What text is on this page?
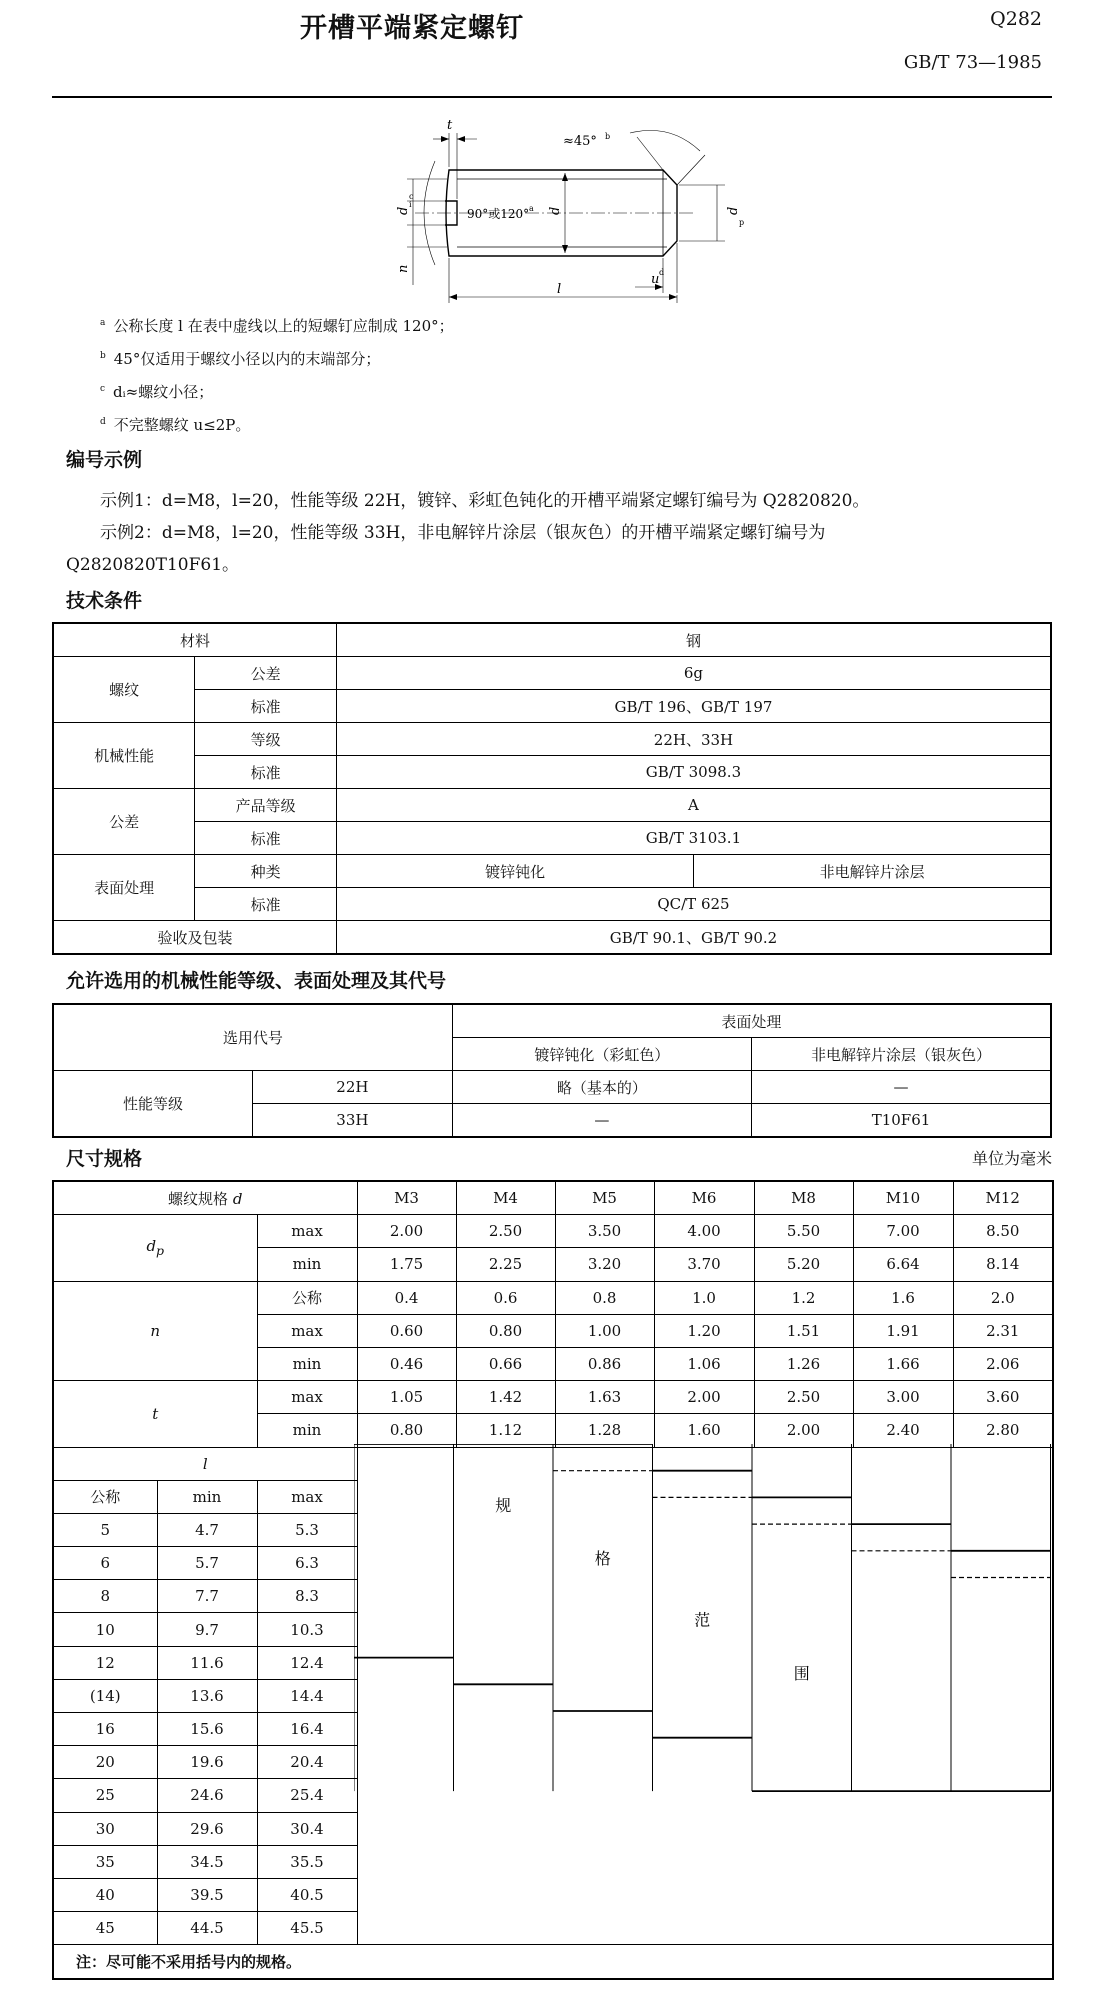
开槽平端紧定螺钉	Q282
GB/T 73—1985
t
≈45° b
90°或120° a d
d
i
c
n
d
p
u d
l
$^a$ 公称长度 l 在表中虚线以上的短螺钉应制成 120°；
$^b$ 45°仅适用于螺纹小径以内的末端部分；
$^c$ dᵢ≈螺纹小径；
$^d$ 不完整螺纹 u≤2P。
编号示例
示例1：d=M8，l=20，性能等级 22H，镀锌、彩虹色钝化的开槽平端紧定螺钉编号为 Q2820820。
示例2：d=M8，l=20，性能等级 33H，非电解锌片涂层（银灰色）的开槽平端紧定螺钉编号为
Q2820820T10F61。
技术条件
材料		钢	
螺纹	公差	6g	
	标准	GB/T 196、GB/T 197	
机械性能	等级	22H、33H	
	标准	GB/T 3098.3	
公差	产品等级	A	
	标准	GB/T 3103.1	
表面处理	种类	镀锌钝化	非电解锌片涂层
	标准	QC/T 625	
验收及包装		GB/T 90.1、GB/T 90.2	
允许选用的机械性能等级、表面处理及其代号
选用代号		表面处理	
		镀锌钝化（彩虹色）	非电解锌片涂层（银灰色）
性能等级	22H	略（基本的）	—
	33H	—	T10F61
尺寸规格	单位为毫米
螺纹规格 d			M3	M4	M5	M6	M8	M10	M12
$d_p$		max	2.00	2.50	3.50	4.00	5.50	7.00	8.50
		min	1.75	2.25	3.20	3.70	5.20	6.64	8.14
n		公称	0.4	0.6	0.8	1.0	1.2	1.6	2.0
		max	0.60	0.80	1.00	1.20	1.51	1.91	2.31
		min	0.46	0.66	0.86	1.06	1.26	1.66	2.06
t		max	1.05	1.42	1.63	2.00	2.50	3.00	3.60
		min	0.80	1.12	1.28	1.60	2.00	2.40	2.80
l									
公称	min	max							
5	4.7	5.3							
6	5.7	6.3							
8	7.7	8.3							
10	9.7	10.3							
12	11.6	12.4							
(14)	13.6	14.4							
16	15.6	16.4							
20	19.6	20.4							
25	24.6	25.4							
30	29.6	30.4							
35	34.5	35.5							
40	39.5	40.5							
45	44.5	45.5							
注：尽可能不采用括号内的规格。									
规
格
范
围
